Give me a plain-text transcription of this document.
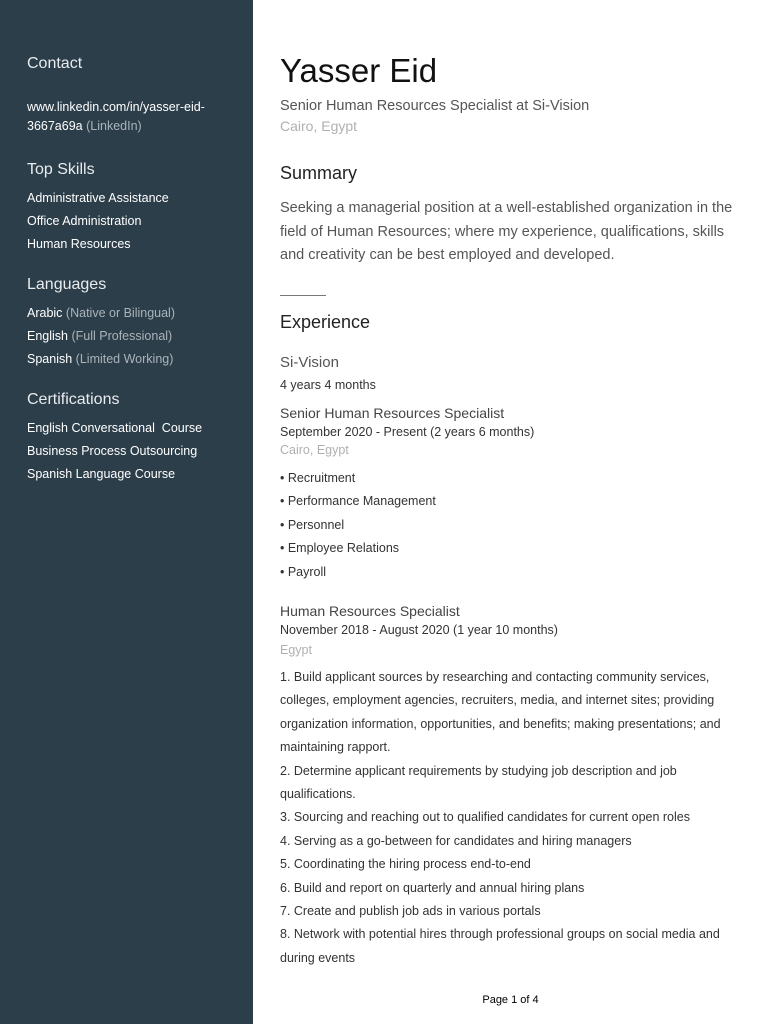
Contact
www.linkedin.com/in/yasser-eid-3667a69a (LinkedIn)
Top Skills
Administrative Assistance
Office Administration
Human Resources
Languages
Arabic (Native or Bilingual)
English (Full Professional)
Spanish (Limited Working)
Certifications
English Conversational  Course
Business Process Outsourcing
Spanish Language Course
Yasser Eid
Senior Human Resources Specialist at Si-Vision
Cairo, Egypt
Summary
Seeking a managerial position at a well-established organization in the field of Human Resources; where my experience, qualifications, skills and creativity can be best employed and developed.
Experience
Si-Vision
4 years 4 months
Senior Human Resources Specialist
September 2020 - Present (2 years 6 months)
Cairo, Egypt
• Recruitment
• Performance Management
• Personnel
• Employee Relations
• Payroll
Human Resources Specialist
November 2018 - August 2020 (1 year 10 months)
Egypt
1. Build applicant sources by researching and contacting community services, colleges, employment agencies, recruiters, media, and internet sites; providing organization information, opportunities, and benefits; making presentations; and maintaining rapport.
2. Determine applicant requirements by studying job description and job qualifications.
3. Sourcing and reaching out to qualified candidates for current open roles
4. Serving as a go-between for candidates and hiring managers
5. Coordinating the hiring process end-to-end
6. Build and report on quarterly and annual hiring plans
7. Create and publish job ads in various portals
8. Network with potential hires through professional groups on social media and during events
Page 1 of 4
